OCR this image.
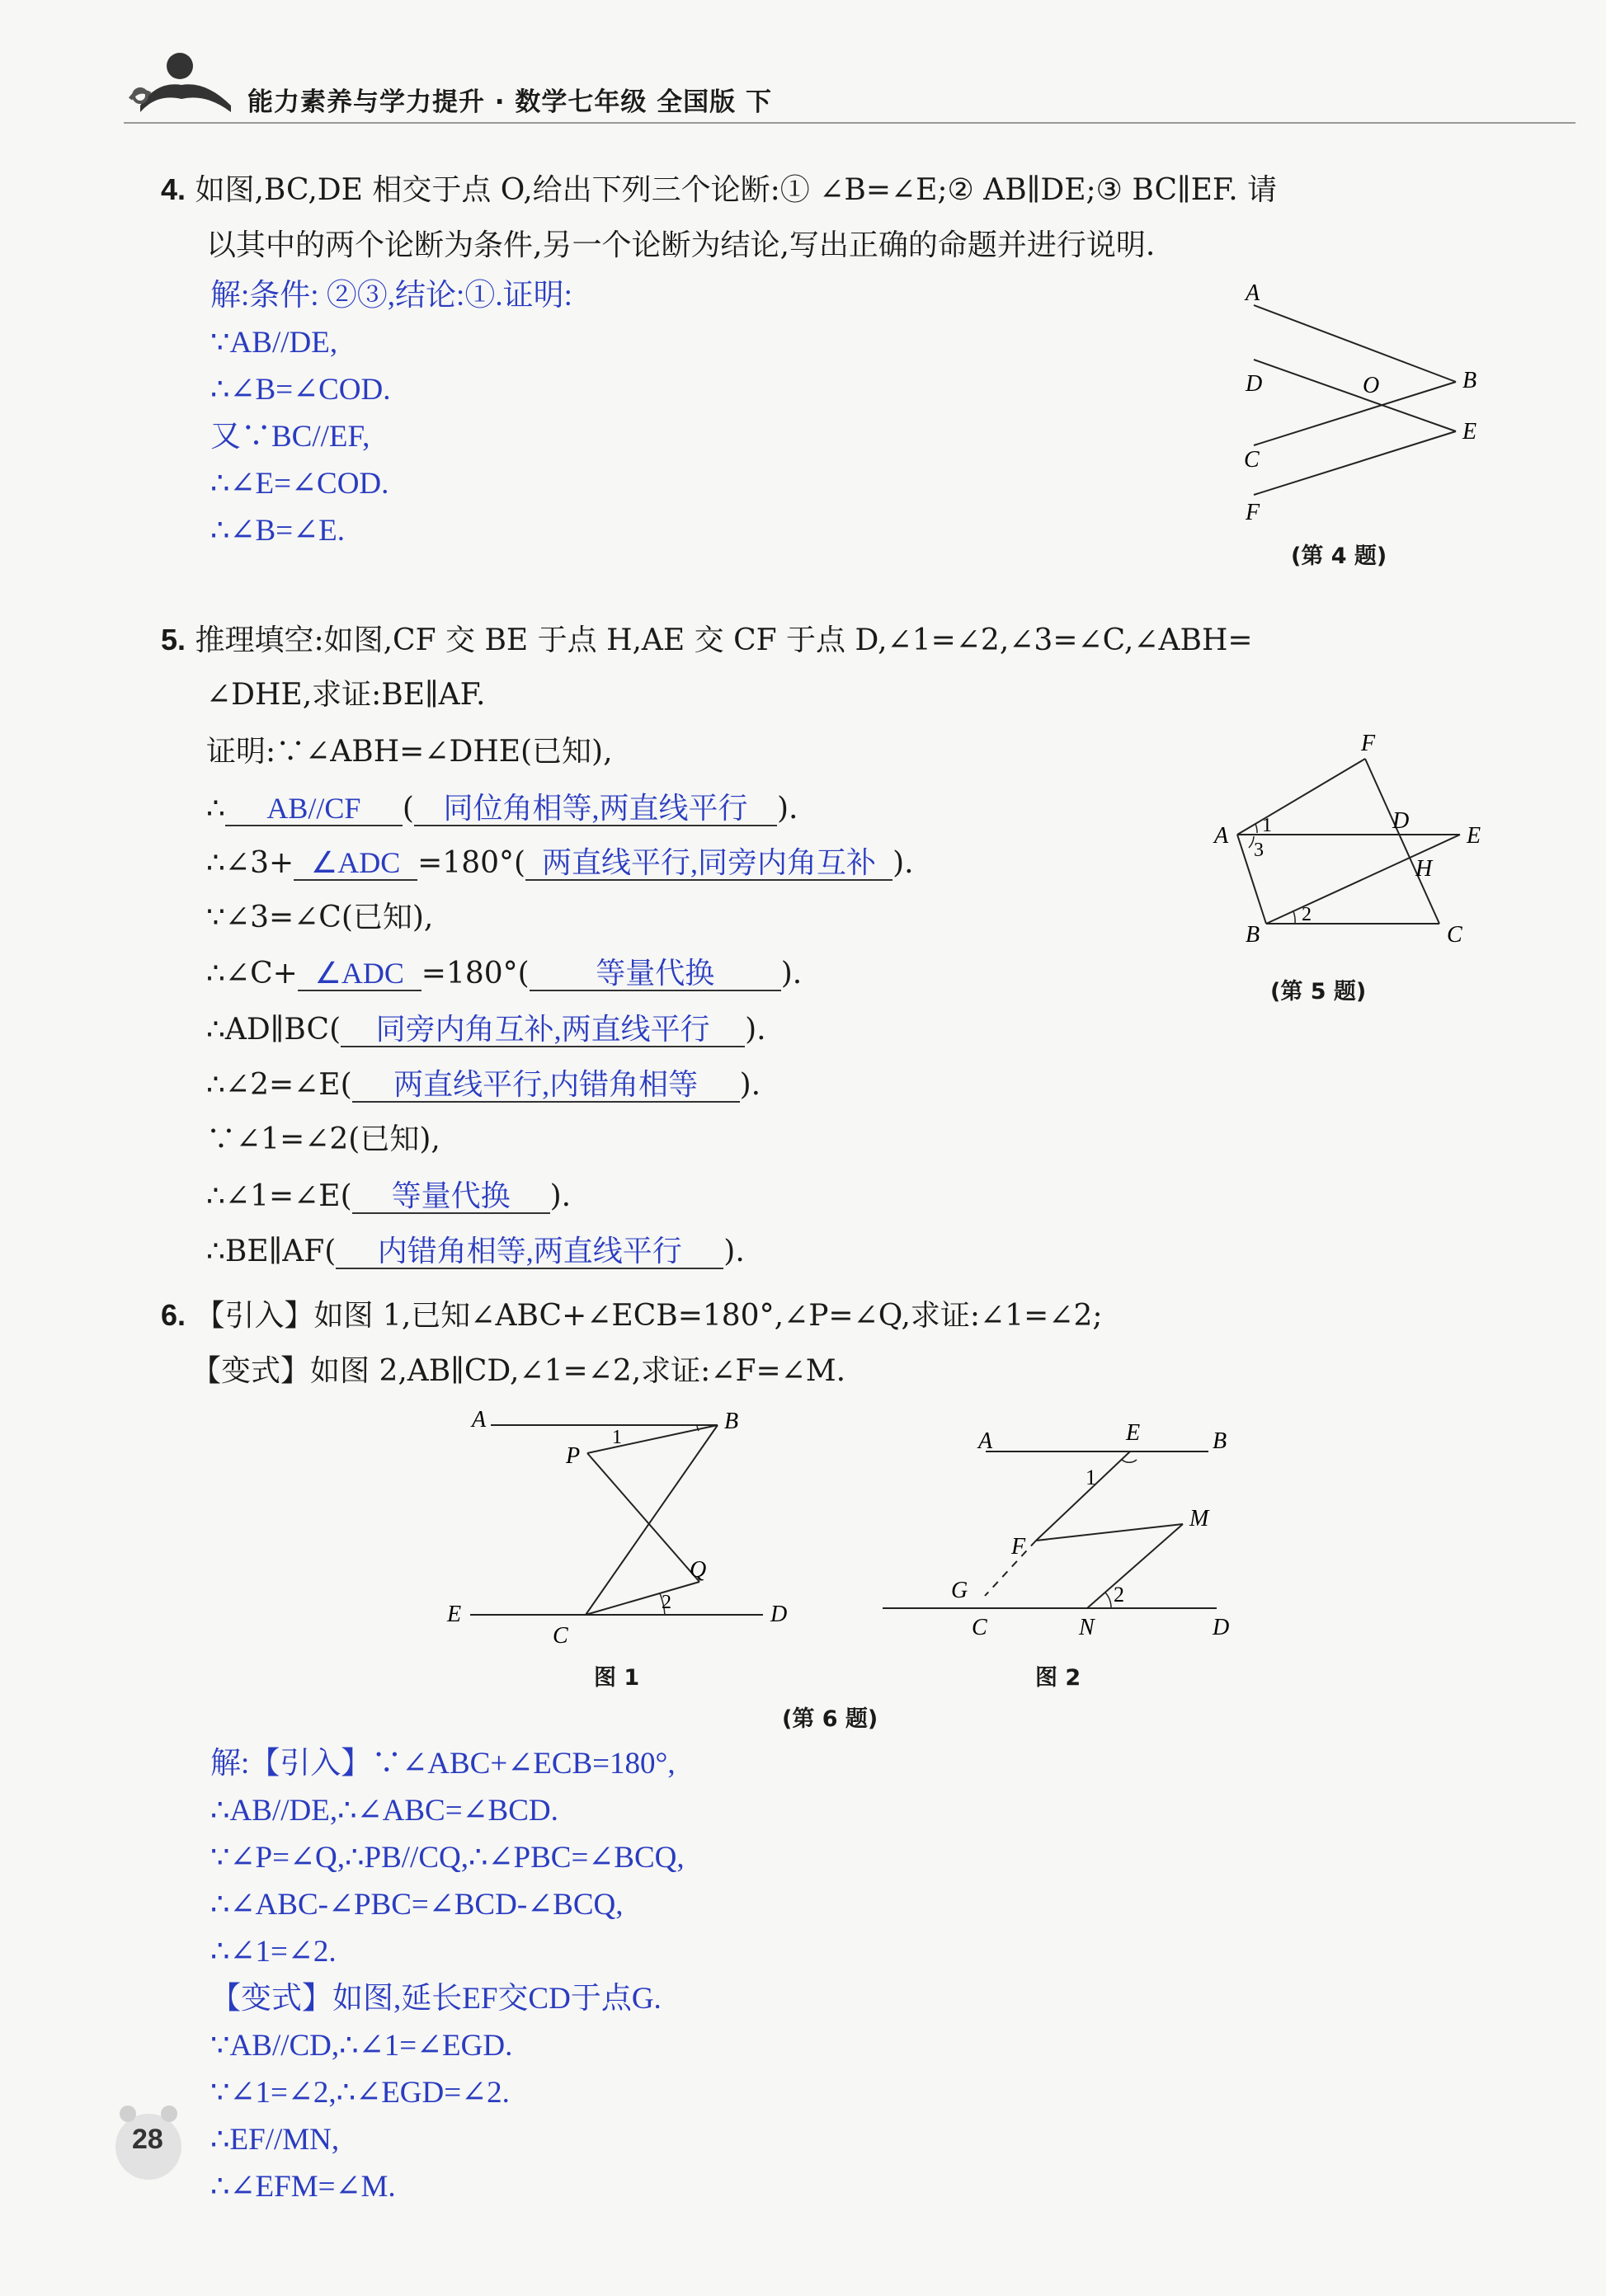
能力素养与学力提升 · 数学七年级 全国版 下
4. 如图,BC,DE 相交于点 O,给出下列三个论断:① ∠B=∠E;② AB∥DE;③ BC∥EF. 请
以其中的两个论断为条件,另一个论断为结论,写出正确的命题并进行说明.
解:条件: ②③,结论:①.证明:
∵AB//DE,
∴∠B=∠COD.
又∵BC//EF,
∴∠E=∠COD.
∴∠B=∠E.
A
B
D	O
E
C
F
(第 4 题)
5. 推理填空:如图,CF 交 BE 于点 H,AE 交 CF 于点 D,∠1=∠2,∠3=∠C,∠ABH=
∠DHE,求证:BE∥AF.
证明:∵∠ABH=∠DHE(已知),
∴ AB//CF ( 同位角相等,两直线平行 ).
∴∠3+ ∠ADC =180°( 两直线平行,同旁内角互补 ).
∵∠3=∠C(已知),
∴∠C+ ∠ADC =180°( 等量代换 ).
∴AD∥BC( 同旁内角互补,两直线平行 ).
∴∠2=∠E( 两直线平行,内错角相等 ).
∵∠1=∠2(已知),
∴∠1=∠E( 等量代换 ).
∴BE∥AF( 内错角相等,两直线平行 ).
F
A 1
3
D
E
H
B
2
C
(第 5 题)
6. 【引入】如图 1,已知∠ABC+∠ECB=180°,∠P=∠Q,求证:∠1=∠2;
【变式】如图 2,AB∥CD,∠1=∠2,求证:∠F=∠M.
A
1
B
P
Q
2
E
C
D
图 1
A	E	B
1
M
F
G	2
C	N	D
图 2
(第 6 题)
解:【引入】∵∠ABC+∠ECB=180°,
∴AB//DE,∴∠ABC=∠BCD.
∵∠P=∠Q,∴PB//CQ,∴∠PBC=∠BCQ,
∴∠ABC-∠PBC=∠BCD-∠BCQ,
∴∠1=∠2.
【变式】如图,延长EF交CD于点G.
∵AB//CD,∴∠1=∠EGD.
∵∠1=∠2,∴∠EGD=∠2.
∴EF//MN,
∴∠EFM=∠M.
28
